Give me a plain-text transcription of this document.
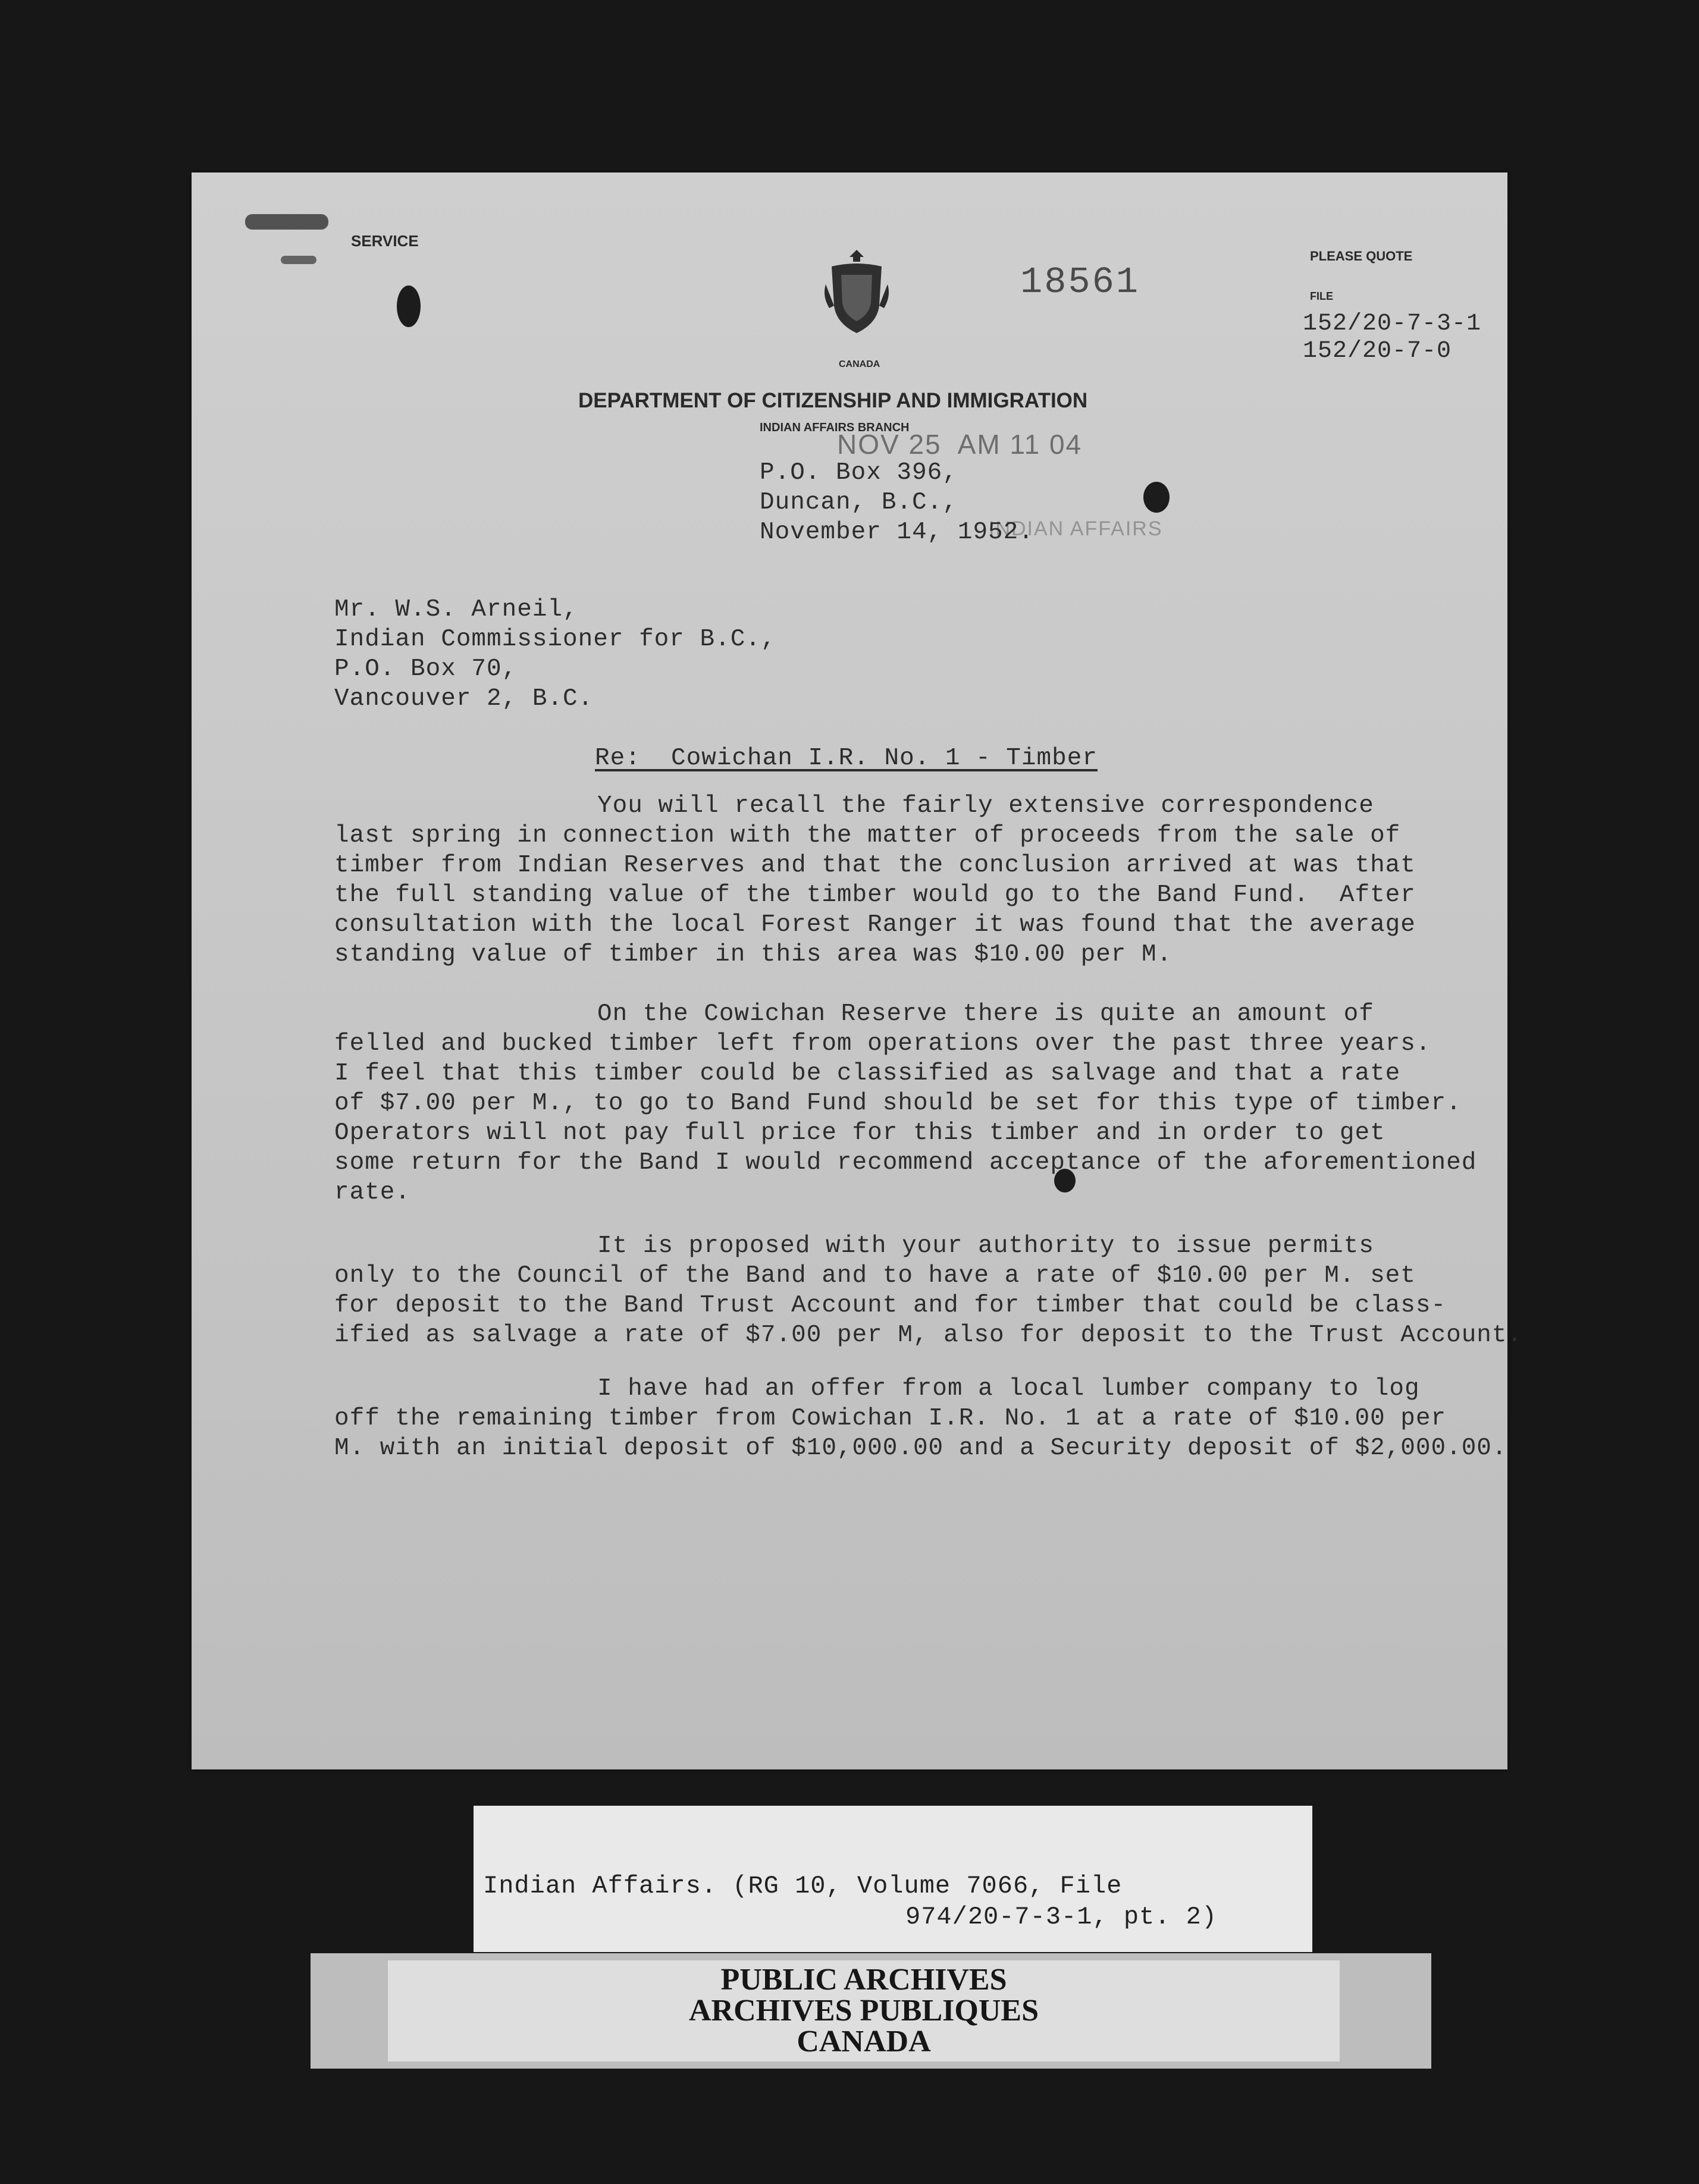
SERVICE
CANADA
18561
PLEASE QUOTE
FILE
152/20-7-3-1
152/20-7-0
DEPARTMENT OF CITIZENSHIP AND IMMIGRATION
INDIAN AFFAIRS BRANCH
NOV 25  AM 11 04
INDIAN AFFAIRS
P.O. Box 396,
Duncan, B.C.,
November 14, 1952.
Mr. W.S. Arneil,
Indian Commissioner for B.C.,
P.O. Box 70,
Vancouver 2, B.C.
Re:  Cowichan I.R. No. 1 - Timber
You will recall the fairly extensive correspondence
last spring in connection with the matter of proceeds from the sale of
timber from Indian Reserves and that the conclusion arrived at was that
the full standing value of the timber would go to the Band Fund.  After
consultation with the local Forest Ranger it was found that the average
standing value of timber in this area was $10.00 per M.
On the Cowichan Reserve there is quite an amount of
felled and bucked timber left from operations over the past three years.
I feel that this timber could be classified as salvage and that a rate
of $7.00 per M., to go to Band Fund should be set for this type of timber.
Operators will not pay full price for this timber and in order to get
some return for the Band I would recommend acceptance of the aforementioned
rate.
It is proposed with your authority to issue permits
only to the Council of the Band and to have a rate of $10.00 per M. set
for deposit to the Band Trust Account and for timber that could be class-
ified as salvage a rate of $7.00 per M, also for deposit to the Trust Account.
I have had an offer from a local lumber company to log
off the remaining timber from Cowichan I.R. No. 1 at a rate of $10.00 per
M. with an initial deposit of $10,000.00 and a Security deposit of $2,000.00.
Indian Affairs. (RG 10, Volume 7066, File
974/20-7-3-1, pt. 2)
PUBLIC ARCHIVES
ARCHIVES PUBLIQUES
CANADA
